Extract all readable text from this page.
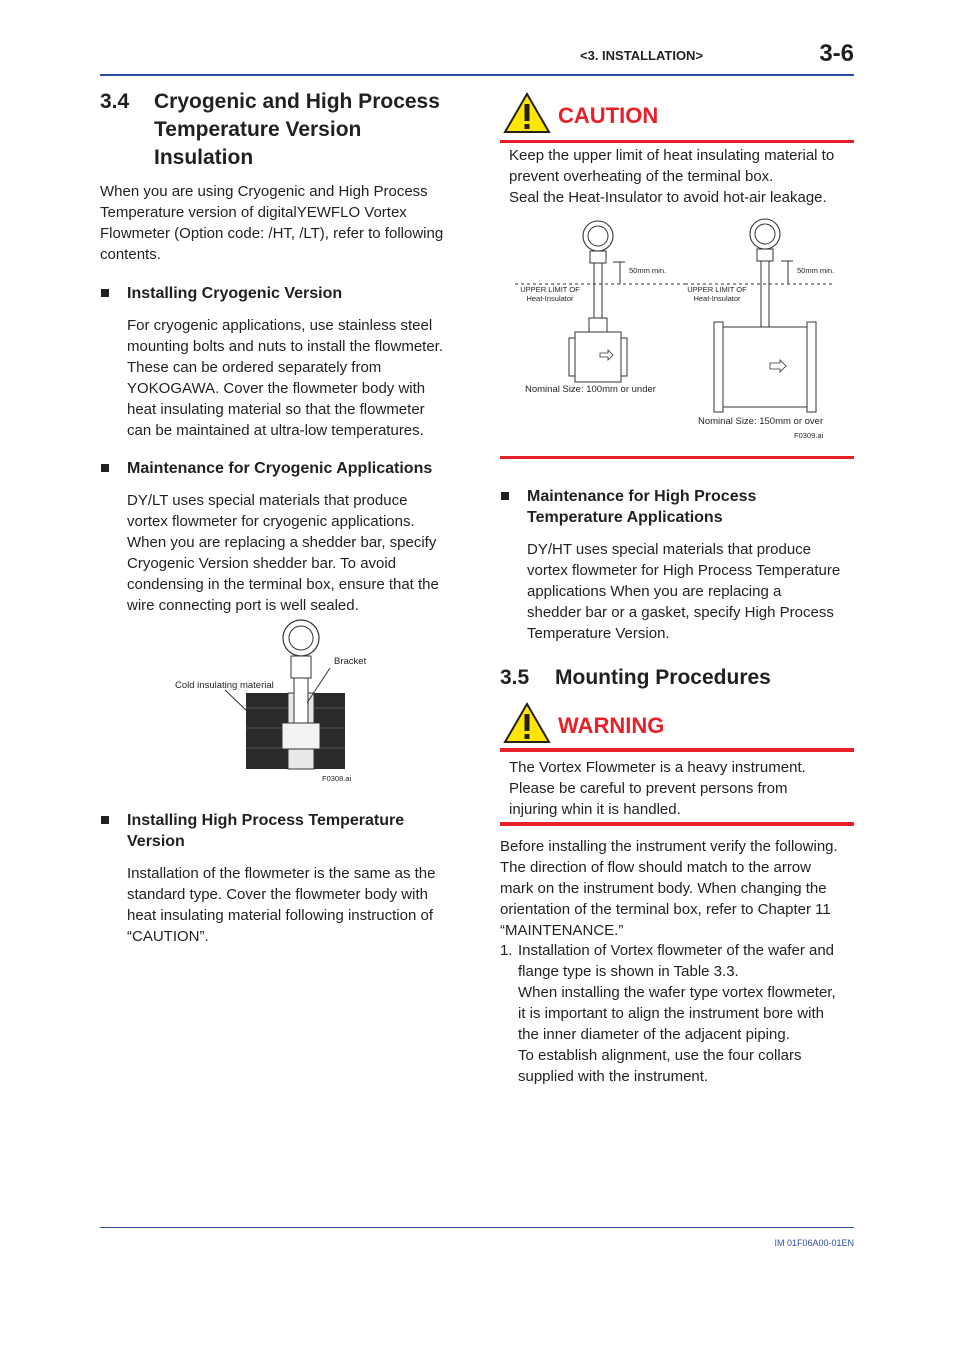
<3. INSTALLATION>	3-6
3.4 Cryogenic and High Process
Temperature Version
Insulation
When you are using Cryogenic and High Process
Temperature version of digitalYEWFLO Vortex
Flowmeter (Option code: /HT, /LT), refer to following
contents.
Installing Cryogenic Version
For cryogenic applications, use stainless steel
mounting bolts and nuts to install the flowmeter.
These can be ordered separately from
YOKOGAWA. Cover the flowmeter body with
heat insulating material so that the flowmeter
can be maintained at ultra-low temperatures.
Maintenance for Cryogenic Applications
DY/LT uses special materials that produce
vortex flowmeter for cryogenic applications.
When you are replacing a shedder bar, specify
Cryogenic Version shedder bar. To avoid
condensing in the terminal box, ensure that the
wire connecting port is well sealed.
Bracket
Cold insulating material
F0308.ai
Installing High Process Temperature
Version
Installation of the flowmeter is the same as the
standard type. Cover the flowmeter body with
heat insulating material following instruction of
“CAUTION”.
CAUTION
Keep the upper limit of heat insulating material to
prevent overheating of the terminal box.
Seal the Heat-Insulator to avoid hot-air leakage.
50mm min.	50mm min.
UPPER LIMIT OF
Heat-Insulator
UPPER LIMIT OF
Heat-Insulator
Nominal Size: 100mm or under
Nominal Size: 150mm or over
F0309.ai
Maintenance for High Process
Temperature Applications
DY/HT uses special materials that produce
vortex flowmeter for High Process Temperature
applications When you are replacing a
shedder bar or a gasket, specify High Process
Temperature Version.
3.5 Mounting Procedures
WARNING
The Vortex Flowmeter is a heavy instrument.
Please be careful to prevent persons from
injuring whin it is handled.
Before installing the instrument verify the following.
The direction of flow should match to the arrow
mark on the instrument body. When changing the
orientation of the terminal box, refer to Chapter 11
“MAINTENANCE.”
1. Installation of Vortex flowmeter of the wafer and
flange type is shown in Table 3.3.
When installing the wafer type vortex flowmeter,
it is important to align the instrument bore with
the inner diameter of the adjacent piping.
To establish alignment, use the four collars
supplied with the instrument.
IM 01F06A00-01EN
